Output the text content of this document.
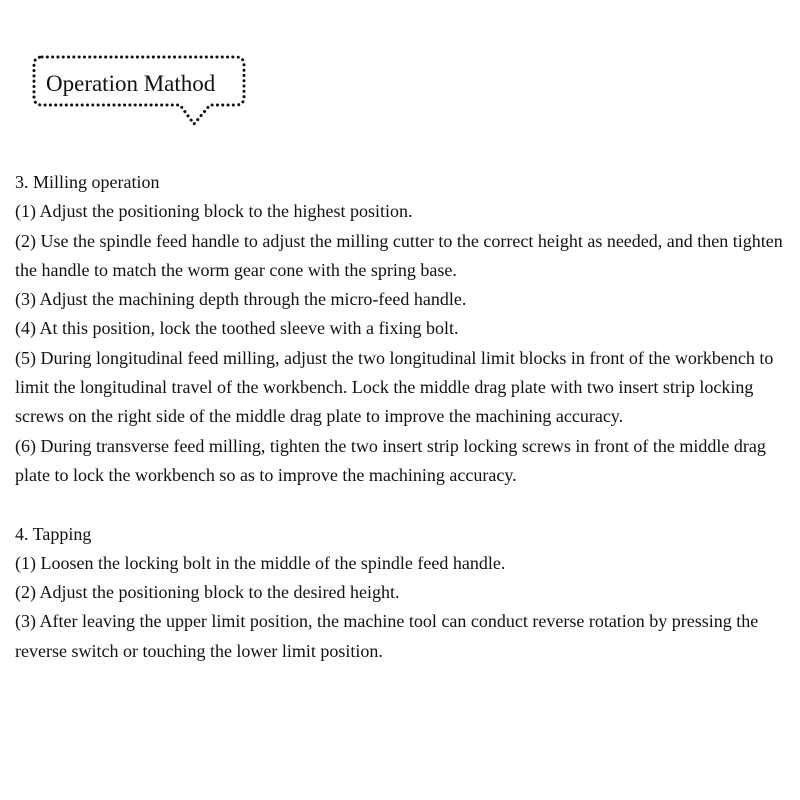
Operation Mathod

3. Milling operation

(1) Adjust the positioning block to the highest position.

(2) Use the spindle feed handle to adjust the milling cutter to the correct height as needed, and then tighten the handle to match the worm gear cone with the spring base.

(3) Adjust the machining depth through the micro-feed handle.

(4) At this position, lock the toothed sleeve with a fixing bolt.

(5) During longitudinal feed milling, adjust the two longitudinal limit blocks in front of the workbench to limit the longitudinal travel of the workbench. Lock the middle drag plate with two insert strip locking screws on the right side of the middle drag plate to improve the machining accuracy.

(6) During transverse feed milling, tighten the two insert strip locking screws in front of the middle drag plate to lock the workbench so as to improve the machining accuracy.

4. Tapping

(1) Loosen the locking bolt in the middle of the spindle feed handle.

(2) Adjust the positioning block to the desired height.

(3) After leaving the upper limit position, the machine tool can conduct reverse rotation by pressing the reverse switch or touching the lower limit position.
